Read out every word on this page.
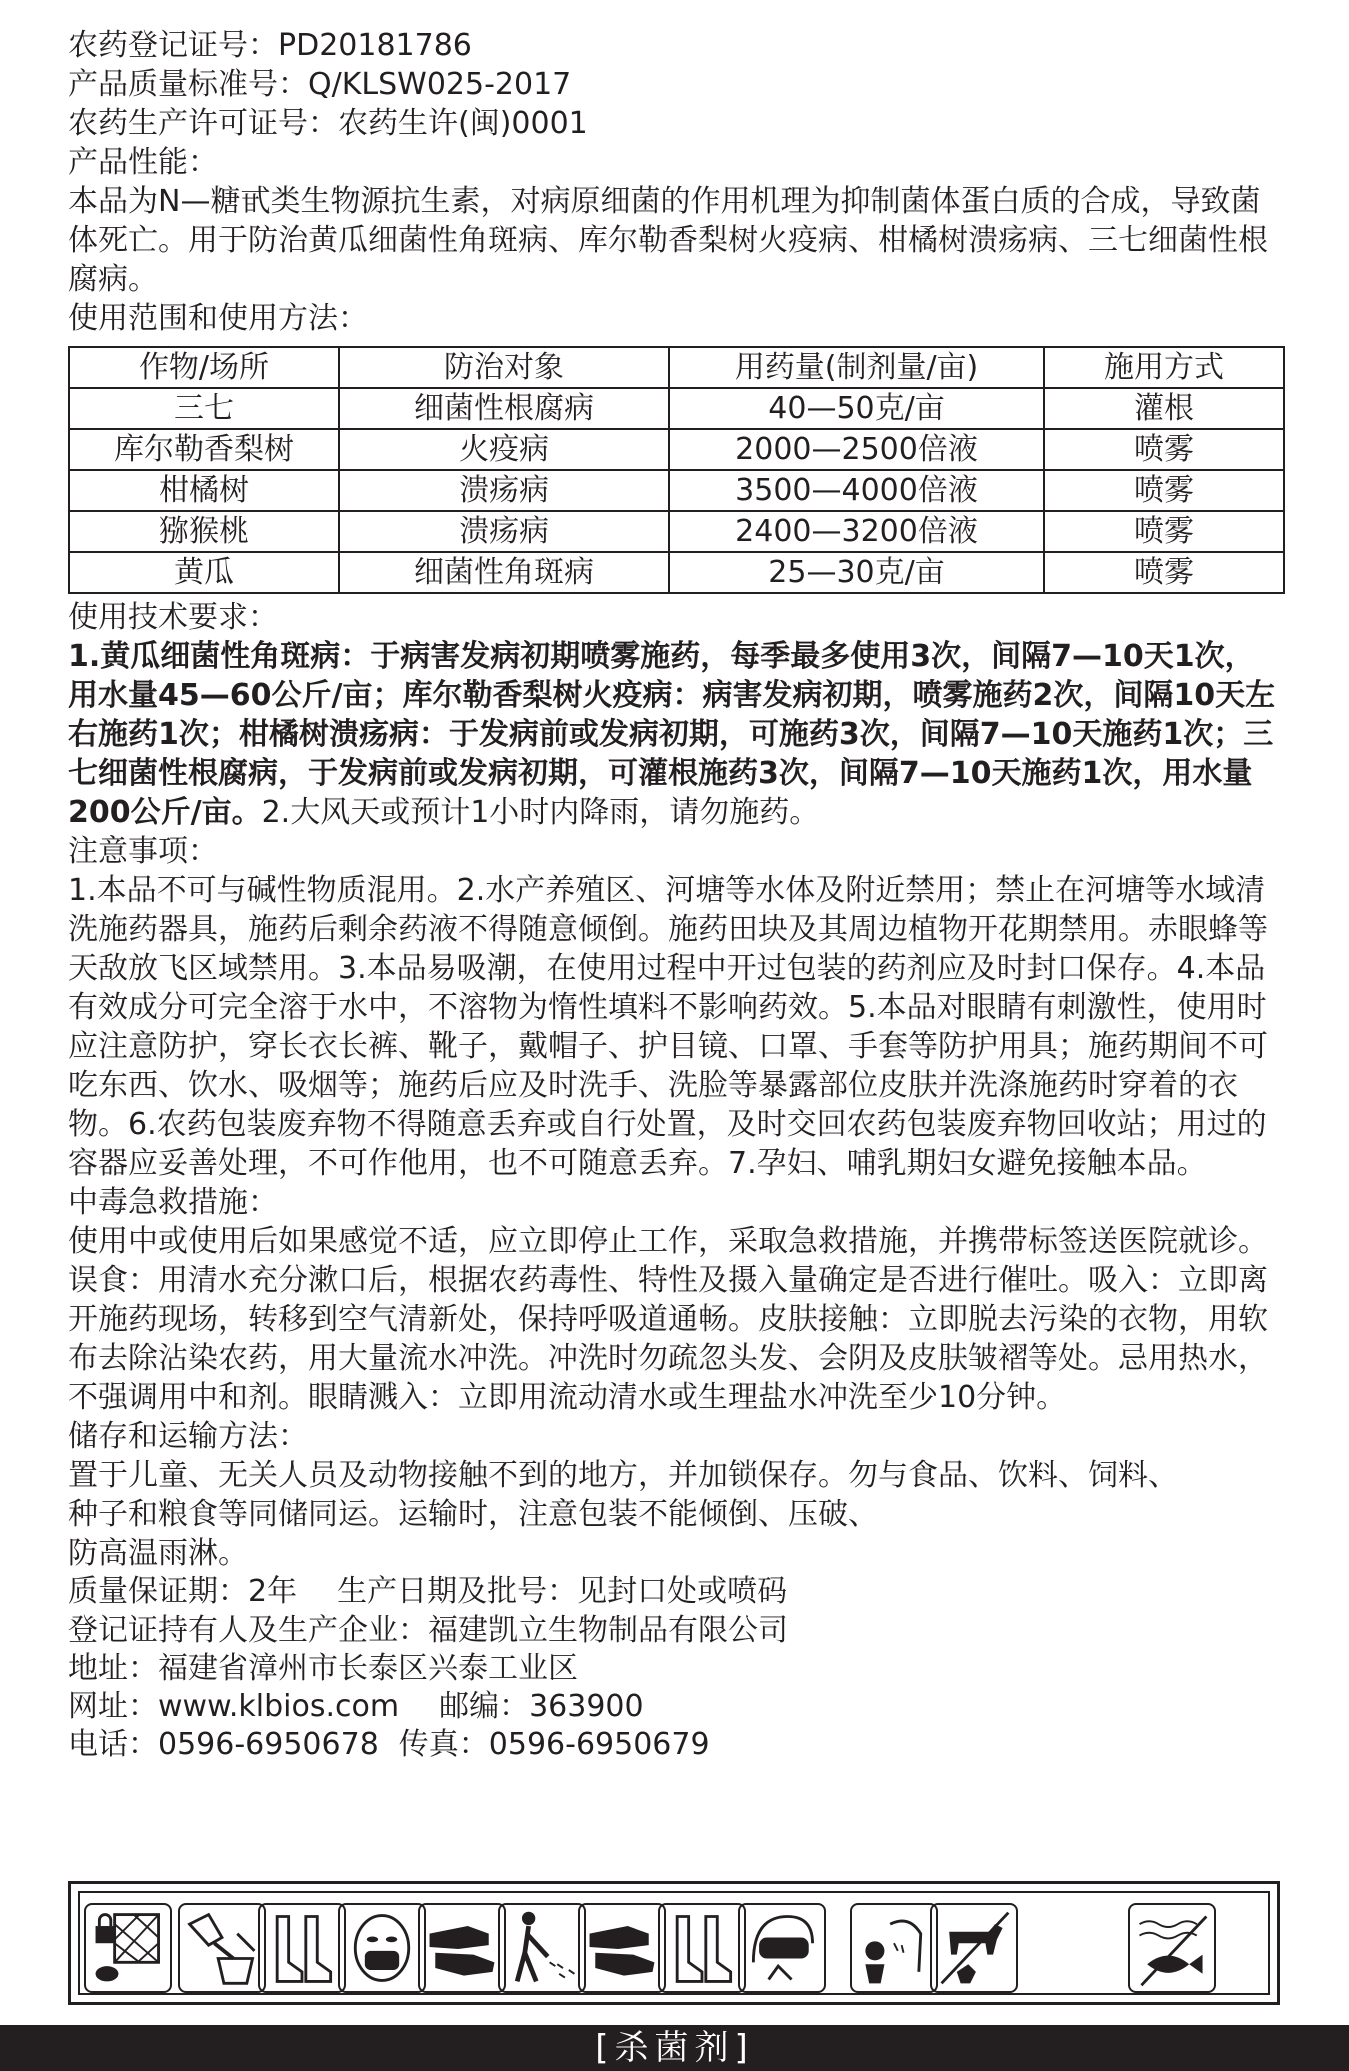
农药登记证号：PD20181786
产品质量标准号：Q/KLSW025-2017
农药生产许可证号：农药生许(闽)0001
产品性能：

本品为N—糖甙类生物源抗生素，对病原细菌的作用机理为抑制菌体蛋白质的合成，导致菌体死亡。用于防治黄瓜细菌性角斑病、库尔勒香梨树火疫病、柑橘树溃疡病、三七细菌性根腐病。

使用范围和使用方法：
作物/场所	防治对象	用药量(制剂量/亩)	施用方式
三七	细菌性根腐病	40—50克/亩	灌根
库尔勒香梨树	火疫病	2000—2500倍液	喷雾
柑橘树	溃疡病	3500—4000倍液	喷雾
猕猴桃	溃疡病	2400—3200倍液	喷雾
黄瓜	细菌性角斑病	25—30克/亩	喷雾
使用技术要求：

1.黄瓜细菌性角斑病：于病害发病初期喷雾施药，每季最多使用3次，间隔7—10天1次，用水量45—60公斤/亩；库尔勒香梨树火疫病：病害发病初期，喷雾施药2次，间隔10天左右施药1次；柑橘树溃疡病：于发病前或发病初期，可施药3次，间隔7—10天施药1次；三七细菌性根腐病，于发病前或发病初期，可灌根施药3次，间隔7—10天施药1次，用水量200公斤/亩。2.大风天或预计1小时内降雨，请勿施药。

注意事项：

1.本品不可与碱性物质混用。2.水产养殖区、河塘等水体及附近禁用；禁止在河塘等水域清洗施药器具，施药后剩余药液不得随意倾倒。施药田块及其周边植物开花期禁用。赤眼蜂等天敌放飞区域禁用。3.本品易吸潮，在使用过程中开过包装的药剂应及时封口保存。4.本品有效成分可完全溶于水中，不溶物为惰性填料不影响药效。5.本品对眼睛有刺激性，使用时应注意防护，穿长衣长裤、靴子，戴帽子、护目镜、口罩、手套等防护用具；施药期间不可吃东西、饮水、吸烟等；施药后应及时洗手、洗脸等暴露部位皮肤并洗涤施药时穿着的衣物。6.农药包装废弃物不得随意丢弃或自行处置，及时交回农药包装废弃物回收站；用过的容器应妥善处理，不可作他用，也不可随意丢弃。7.孕妇、哺乳期妇女避免接触本品。

中毒急救措施：

使用中或使用后如果感觉不适，应立即停止工作，采取急救措施，并携带标签送医院就诊。误食：用清水充分漱口后，根据农药毒性、特性及摄入量确定是否进行催吐。吸入：立即离开施药现场，转移到空气清新处，保持呼吸道通畅。皮肤接触：立即脱去污染的衣物，用软布去除沾染农药，用大量流水冲洗。冲洗时勿疏忽头发、会阴及皮肤皱褶等处。忌用热水，不强调用中和剂。眼睛溅入：立即用流动清水或生理盐水冲洗至少10分钟。

储存和运输方法：
置于儿童、无关人员及动物接触不到的地方，并加锁保存。勿与食品、饮料、饲料、
种子和粮食等同储同运。运输时，注意包装不能倾倒、压破、
防高温雨淋。
质量保证期：2年 生产日期及批号：见封口处或喷码
登记证持有人及生产企业：福建凯立生物制品有限公司
地址：福建省漳州市长泰区兴泰工业区
网址：www.klbios.com 邮编：363900
电话：0596-6950678 传真：0596-6950679
[杀菌剂]
